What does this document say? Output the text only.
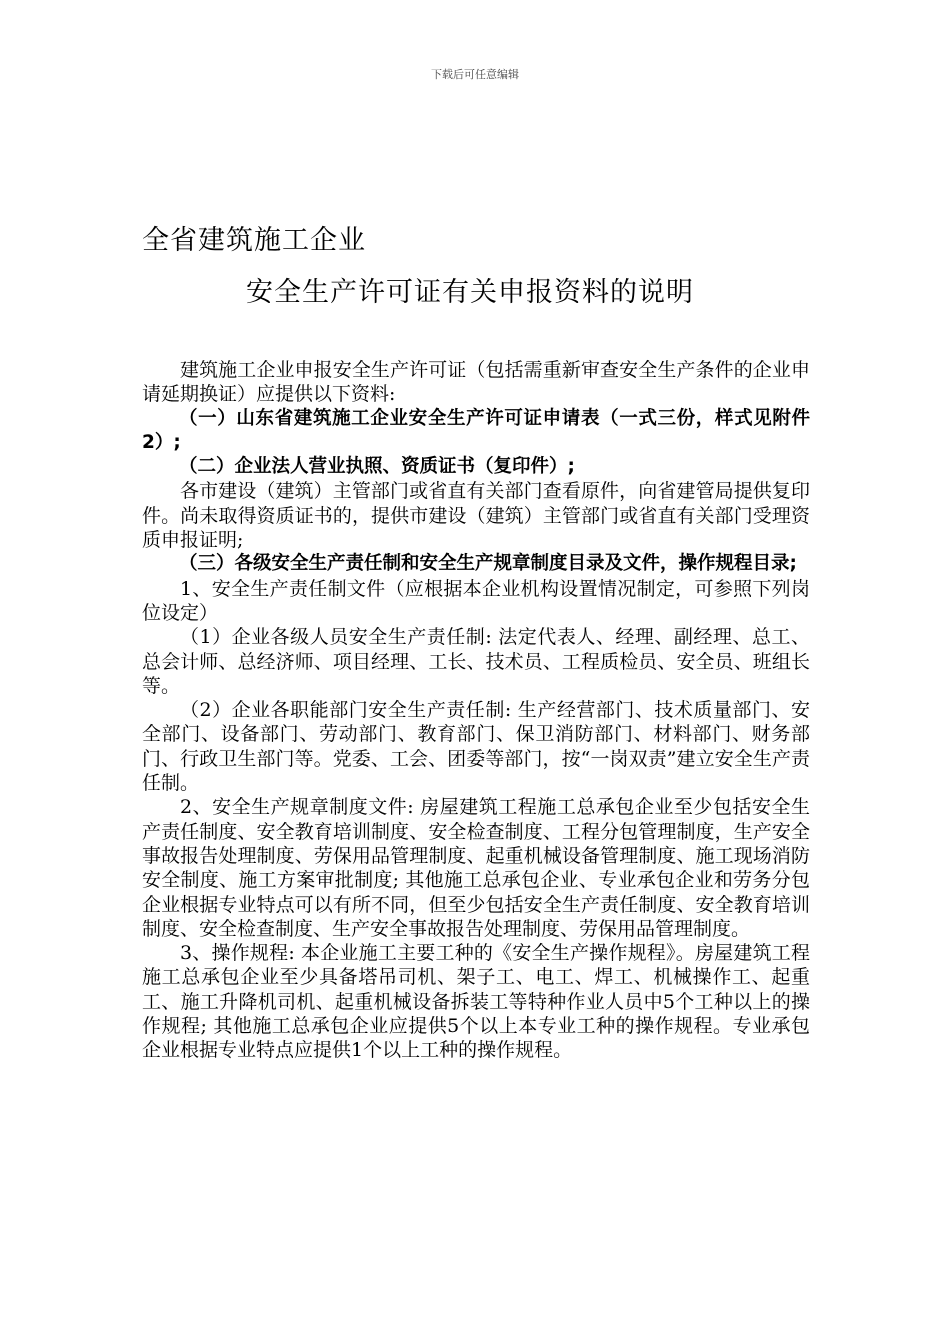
下载后可任意编辑
全省建筑施工企业
安全生产许可证有关申报资料的说明

建筑施工企业申报安全生产许可证（包括需重新审查安全生产条件的企业申请延期换证）应提供以下资料:

（一）山东省建筑施工企业安全生产许可证申请表（一式三份，样式见附件2）;

（二）企业法人营业执照、资质证书（复印件）;

各市建设（建筑）主管部门或省直有关部门查看原件，向省建管局提供复印件。尚未取得资质证书的，提供市建设（建筑）主管部门或省直有关部门受理资质申报证明;

（三）各级安全生产责任制和安全生产规章制度目录及文件，操作规程目录;

1、安全生产责任制文件（应根据本企业机构设置情况制定，可参照下列岗位设定）

（1）企业各级人员安全生产责任制: 法定代表人、经理、副经理、总工、总会计师、总经济师、项目经理、工长、技术员、工程质检员、安全员、班组长等。

（2）企业各职能部门安全生产责任制: 生产经营部门、技术质量部门、安全部门、设备部门、劳动部门、教育部门、保卫消防部门、材料部门、财务部门、行政卫生部门等。党委、工会、团委等部门，按“一岗双责”建立安全生产责任制。

2、安全生产规章制度文件: 房屋建筑工程施工总承包企业至少包括安全生产责任制度、安全教育培训制度、安全检查制度、工程分包管理制度，生产安全事故报告处理制度、劳保用品管理制度、起重机械设备管理制度、施工现场消防安全制度、施工方案审批制度; 其他施工总承包企业、专业承包企业和劳务分包企业根据专业特点可以有所不同，但至少包括安全生产责任制度、安全教育培训制度、安全检查制度、生产安全事故报告处理制度、劳保用品管理制度。

3、操作规程: 本企业施工主要工种的《安全生产操作规程》。房屋建筑工程施工总承包企业至少具备塔吊司机、架子工、电工、焊工、机械操作工、起重工、施工升降机司机、起重机械设备拆装工等特种作业人员中5个工种以上的操作规程; 其他施工总承包企业应提供5个以上本专业工种的操作规程。专业承包企业根据专业特点应提供1个以上工种的操作规程。
